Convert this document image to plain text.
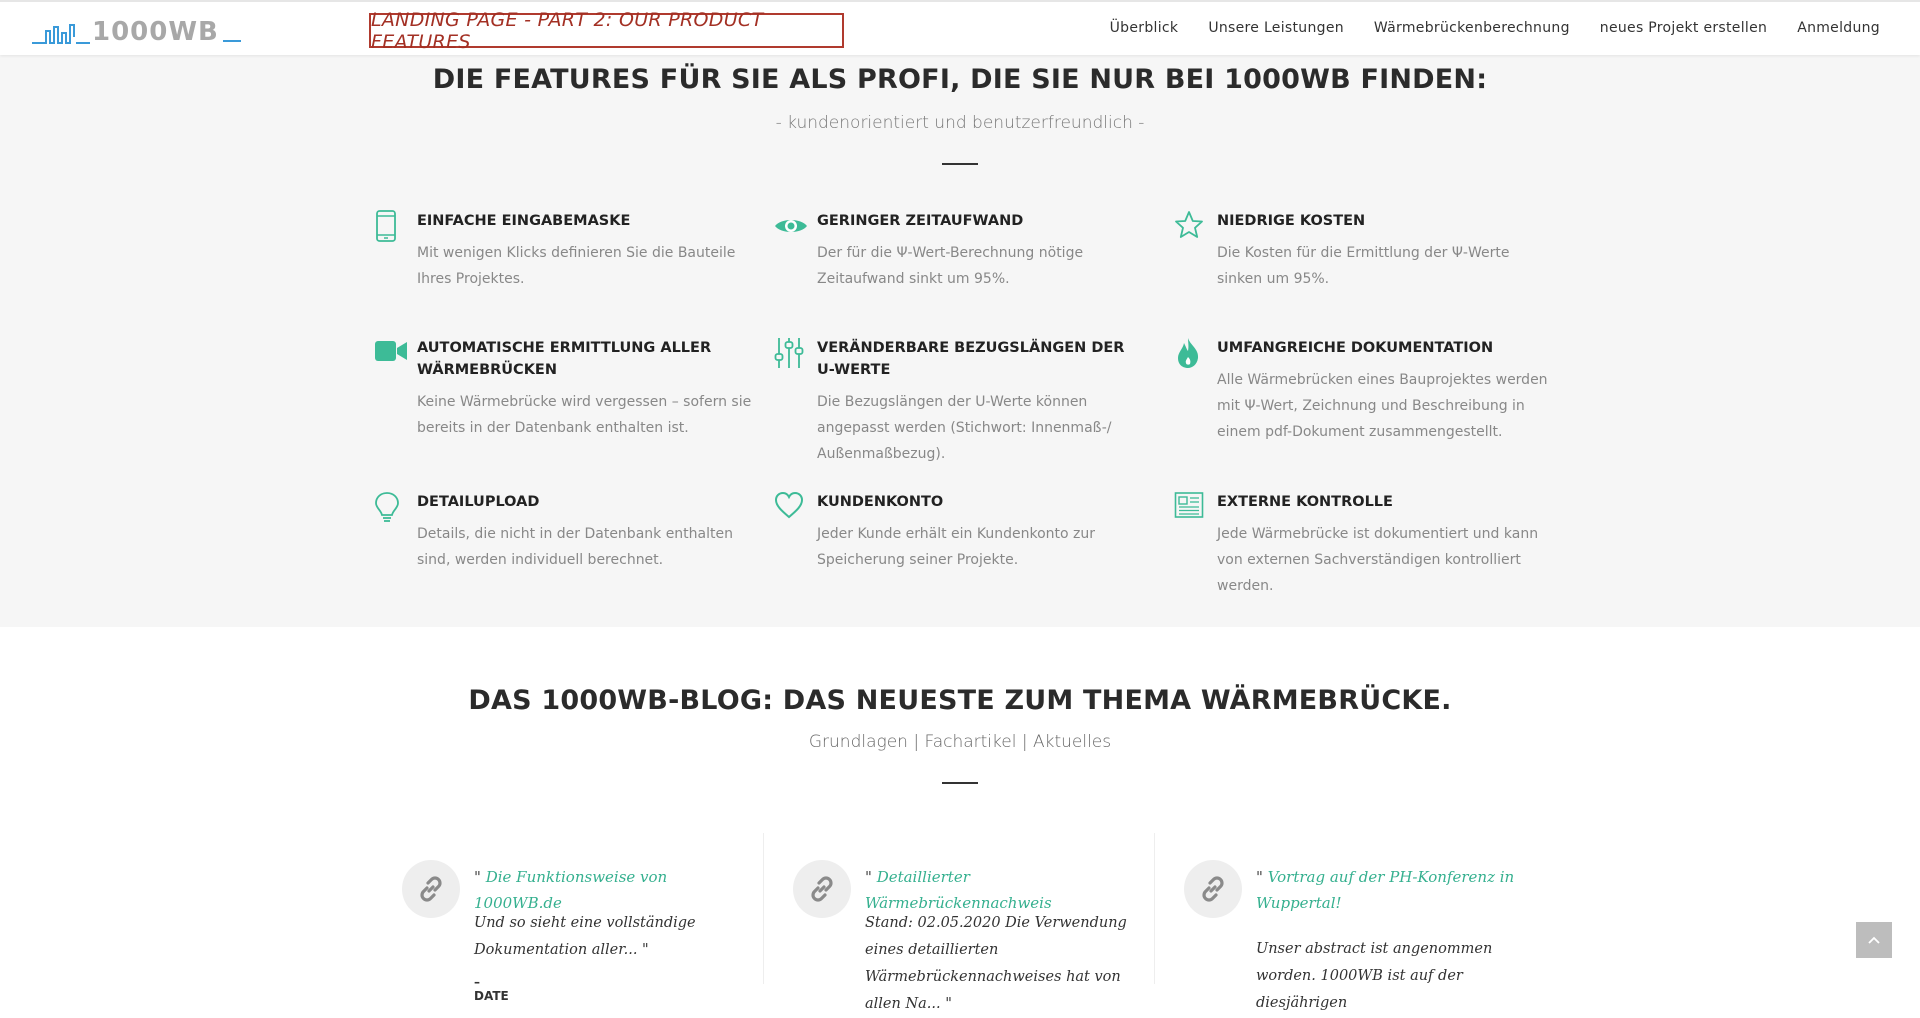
1000WB	LANDING PAGE - PART 2: OUR PRODUCT FEATURES
Überblick Unsere Leistungen Wärmebrückenberechnung neues Projekt erstellen Anmeldung
DIE FEATURES FÜR SIE ALS PROFI, DIE SIE NUR BEI 1000WB FINDEN:
- kundenorientiert und benutzerfreundlich -
EINFACHE EINGABEMASKE

Mit wenigen Klicks definieren Sie die Bauteile Ihres Projektes.

GERINGER ZEITAUFWAND

Der für die Ψ-Wert-Berechnung nötige Zeitaufwand sinkt um 95%.

NIEDRIGE KOSTEN

Die Kosten für die Ermittlung der Ψ-Werte sinken um 95%.

AUTOMATISCHE ERMITTLUNG ALLER WÄRMEBRÜCKEN

Keine Wärmebrücke wird vergessen – sofern sie bereits in der Datenbank enthalten ist.

VERÄNDERBARE BEZUGSLÄNGEN DER U-WERTE

Die Bezugslängen der U-Werte können angepasst werden (Stichwort: Innenmaß-/ Außenmaßbezug).

UMFANGREICHE DOKUMENTATION

Alle Wärmebrücken eines Bauprojektes werden mit Ψ-Wert, Zeichnung und Beschreibung in einem pdf-Dokument zusammengestellt.

DETAILUPLOAD

Details, die nicht in der Datenbank enthalten sind, werden individuell berechnet.

KUNDENKONTO

Jeder Kunde erhält ein Kundenkonto zur Speicherung seiner Projekte.

EXTERNE KONTROLLE

Jede Wärmebrücke ist dokumentiert und kann von externen Sachverständigen kontrolliert werden.

DAS 1000WB-BLOG: DAS NEUESTE ZUM THEMA WÄRMEBRÜCKE.
Grundlagen | Fachartikel | Aktuelles
" Die Funktionsweise von 1000WB.de
Und so sieht eine vollständige Dokumentation aller... "
– DATE
" Detaillierter Wärmebrückennachweis
Stand: 02.05.2020 Die Verwendung eines detaillierten Wärmebrückennachweises hat von allen Na... "
" Vortrag auf der PH-Konferenz in Wuppertal!
Unser abstract ist angenommen worden. 1000WB ist auf der diesjährigen
